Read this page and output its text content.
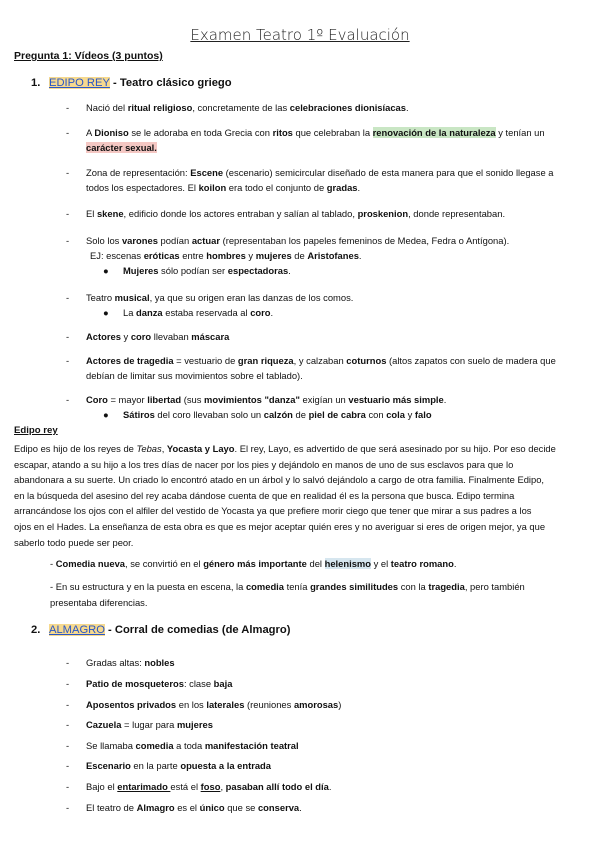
Examen Teatro 1º Evaluación
Pregunta 1: Vídeos (3 puntos)
1. EDIPO REY - Teatro clásico griego
- Nació del ritual religioso, concretamente de las celebraciones dionisíacas.
- A Dioniso se le adoraba en toda Grecia con ritos que celebraban la renovación de la naturaleza y tenían un
carácter sexual.
- Zona de representación: Escene (escenario) semicircular diseñado de esta manera para que el sonido llegase a
todos los espectadores. El koilon era todo el conjunto de gradas.
- El skene, edificio donde los actores entraban y salían al tablado, proskenion, donde representaban.
- Solo los varones podían actuar (representaban los papeles femeninos de Medea, Fedra o Antígona).
EJ: escenas eróticas entre hombres y mujeres de Aristofanes.
● Mujeres sólo podían ser espectadoras.
- Teatro musical, ya que su origen eran las danzas de los comos.
● La danza estaba reservada al coro.
- Actores y coro llevaban máscara
- Actores de tragedia = vestuario de gran riqueza, y calzaban coturnos (altos zapatos con suelo de madera que
debían de limitar sus movimientos sobre el tablado).
- Coro = mayor libertad (sus movimientos "danza" exigían un vestuario más simple.
● Sátiros del coro llevaban solo un calzón de piel de cabra con cola y falo
Edipo rey
Edipo es hijo de los reyes de Tebas, Yocasta y Layo. El rey, Layo, es advertido de que será asesinado por su hijo. Por eso decide
escapar, atando a su hijo a los tres días de nacer por los pies y dejándolo en manos de uno de sus esclavos para que lo
abandonara a su suerte. Un criado lo encontró atado en un árbol y lo salvó dejándolo a cargo de otra familia. Finalmente Edipo,
en la búsqueda del asesino del rey acaba dándose cuenta de que en realidad él es la persona que busca. Edipo termina
arrancándose los ojos con el alfiler del vestido de Yocasta ya que prefiere morir ciego que tener que mirar a sus padres a los
ojos en el Hades. La enseñanza de esta obra es que es mejor aceptar quién eres y no averiguar si eres de origen mejor, ya que
saberlo todo puede ser peor.
- Comedia nueva, se convirtió en el género más importante del helenismo y el teatro romano.
- En su estructura y en la puesta en escena, la comedia tenía grandes similitudes con la tragedia, pero también
presentaba diferencias.
2. ALMAGRO - Corral de comedias (de Almagro)
- Gradas altas: nobles
- Patio de mosqueteros: clase baja
- Aposentos privados en los laterales (reuniones amorosas)
- Cazuela = lugar para mujeres
- Se llamaba comedia a toda manifestación teatral
- Escenario en la parte opuesta a la entrada
- Bajo el entarimado está el foso, pasaban allí todo el día.
- El teatro de Almagro es el único que se conserva.
